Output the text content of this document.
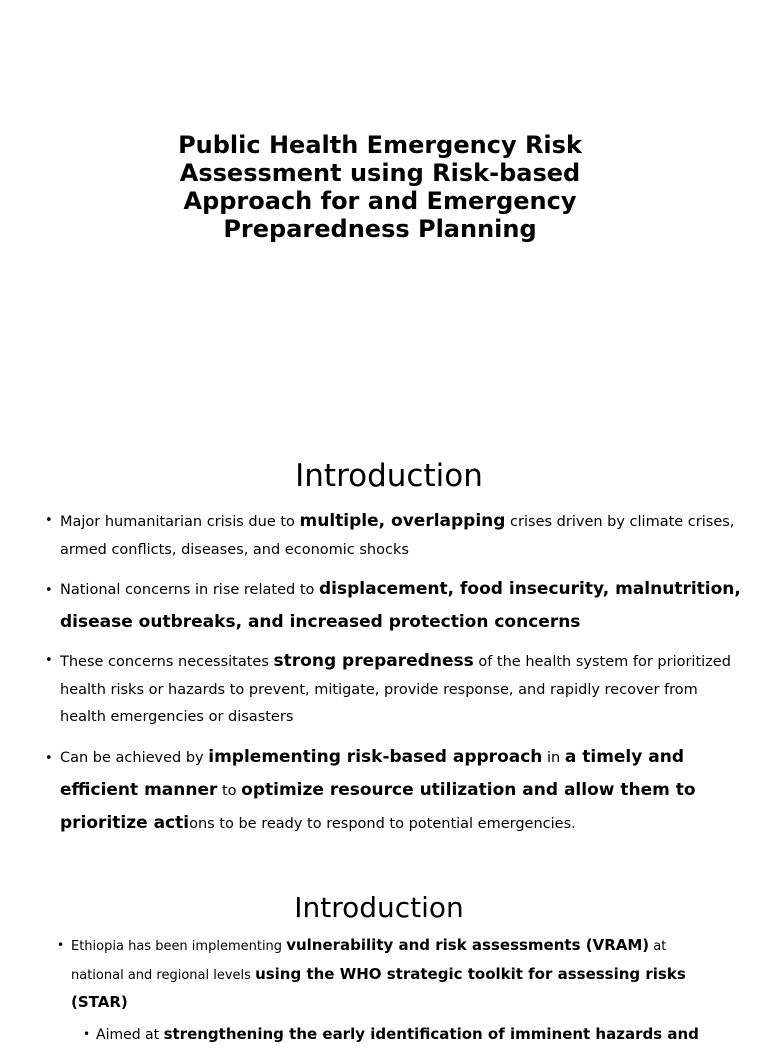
Public Health Emergency Risk
Assessment using Risk-based
Approach for and Emergency
Preparedness Planning
Introduction
• Major humanitarian crisis due to multiple, overlapping crises driven by climate crises, armed conflicts, diseases, and economic shocks
• National concerns in rise related to displacement, food insecurity, malnutrition, disease outbreaks, and increased protection concerns
• These concerns necessitates strong preparedness of the health system for prioritized health risks or hazards to prevent, mitigate, provide response, and rapidly recover from health emergencies or disasters
• Can be achieved by implementing risk-based approach in a timely and efficient manner to optimize resource utilization and allow them to prioritize actions to be ready to respond to potential emergencies.
Introduction
• Ethiopia has been implementing vulnerability and risk assessments (VRAM) at national and regional levels using the WHO strategic toolkit for assessing risks (STAR)
• Aimed at strengthening the early identification of imminent hazards and
